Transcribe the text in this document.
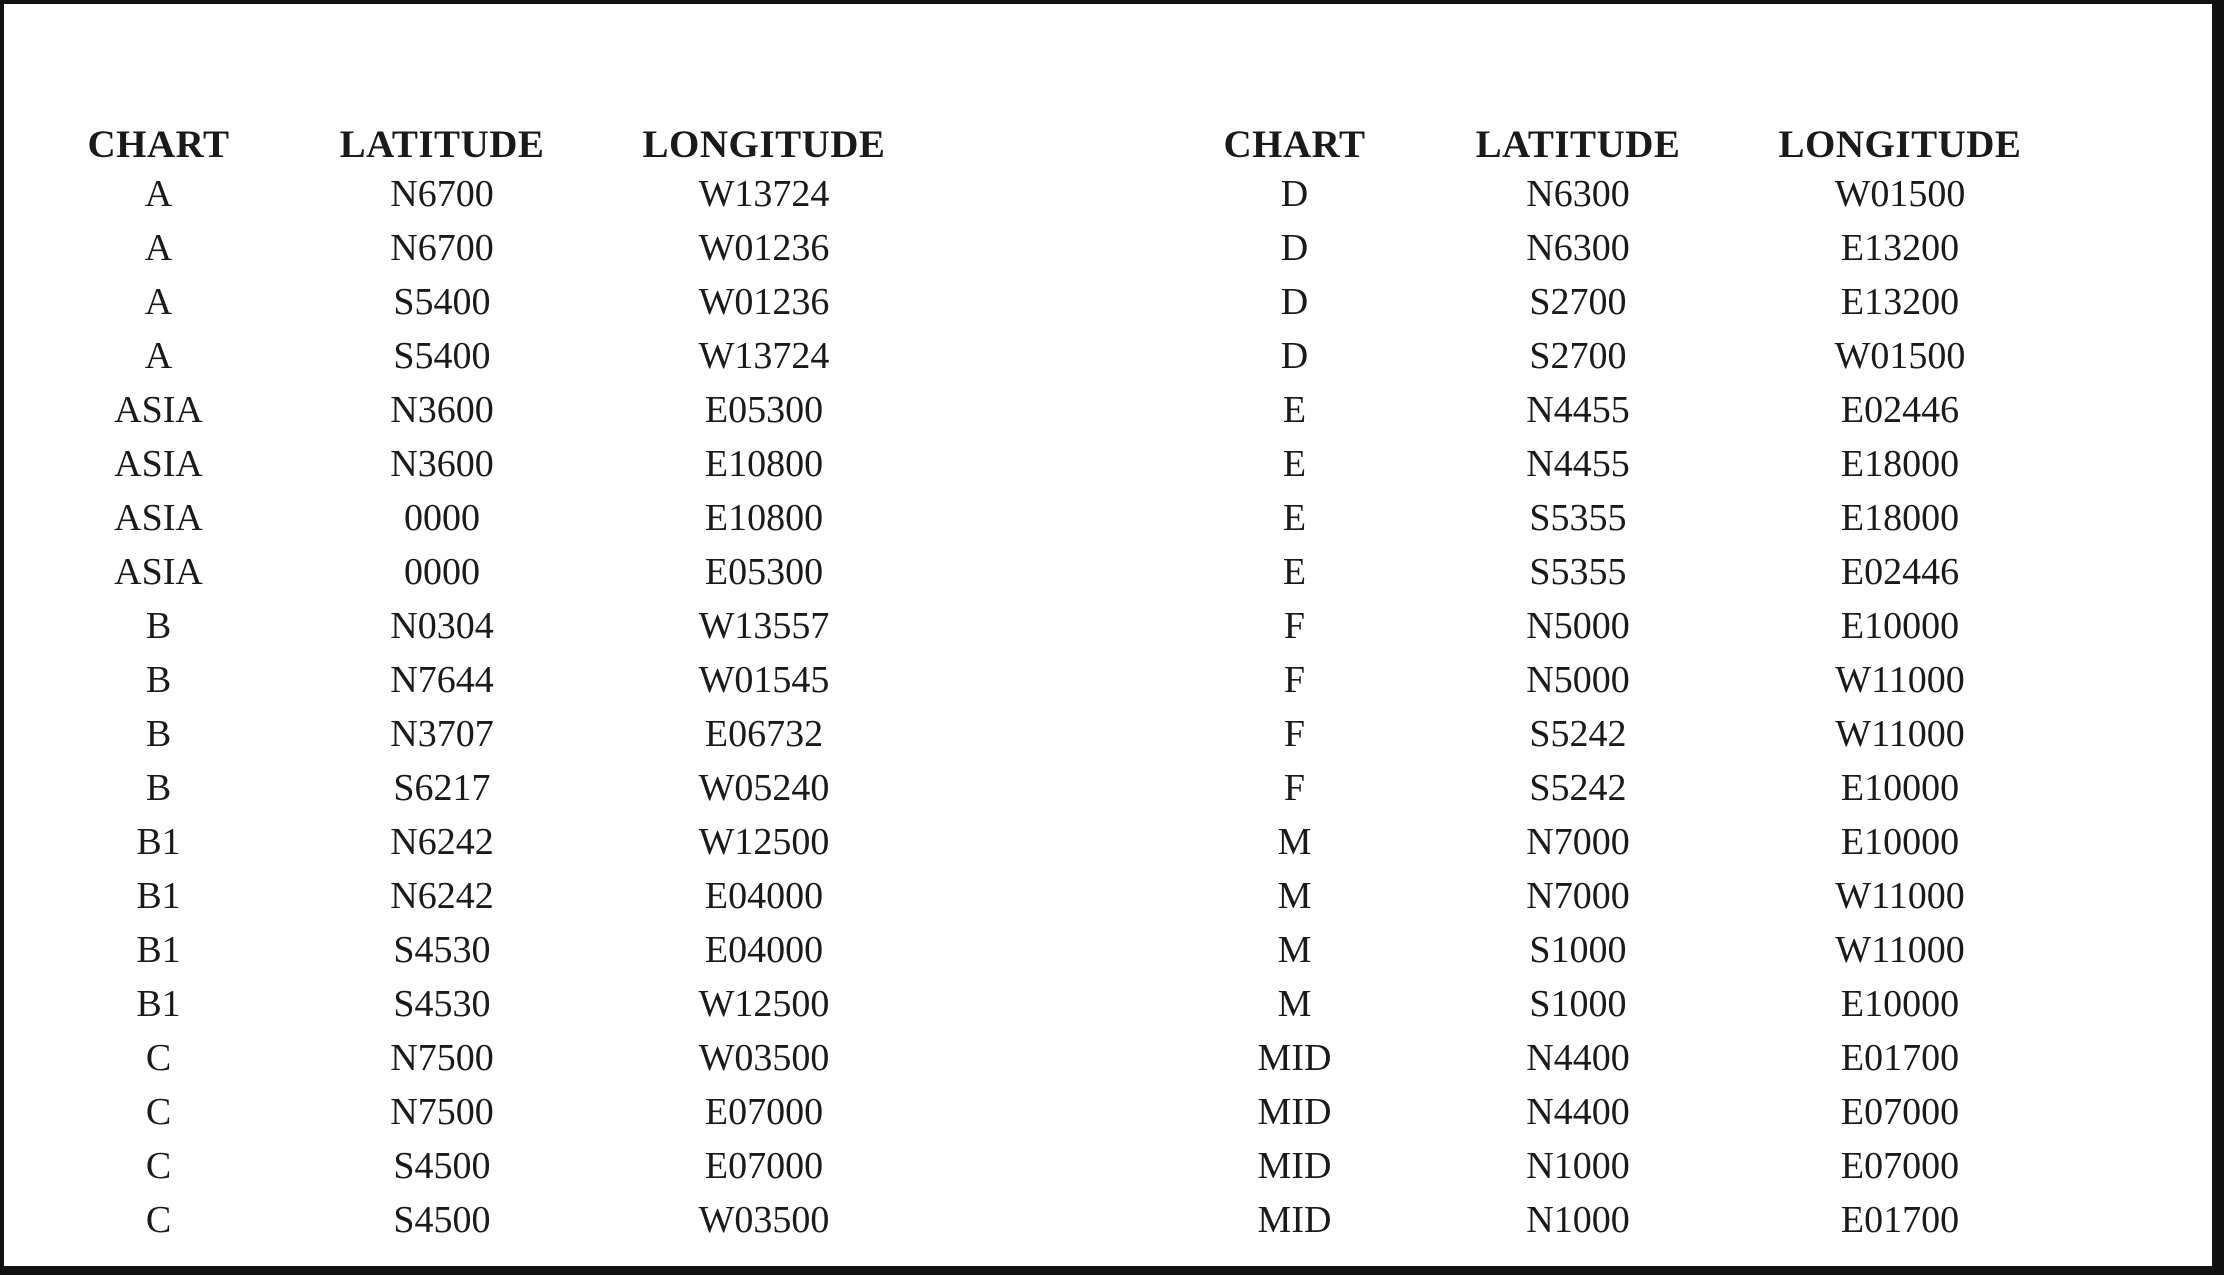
CHART	LATITUDE	LONGITUDE
A	N6700	W13724
A	N6700	W01236
A	S5400	W01236
A	S5400	W13724
ASIA	N3600	E05300
ASIA	N3600	E10800
ASIA	0000	E10800
ASIA	0000	E05300
B	N0304	W13557
B	N7644	W01545
B	N3707	E06732
B	S6217	W05240
B1	N6242	W12500
B1	N6242	E04000
B1	S4530	E04000
B1	S4530	W12500
C	N7500	W03500
C	N7500	E07000
C	S4500	E07000
C	S4500	W03500
CHART	LATITUDE	LONGITUDE
D	N6300	W01500
D	N6300	E13200
D	S2700	E13200
D	S2700	W01500
E	N4455	E02446
E	N4455	E18000
E	S5355	E18000
E	S5355	E02446
F	N5000	E10000
F	N5000	W11000
F	S5242	W11000
F	S5242	E10000
M	N7000	E10000
M	N7000	W11000
M	S1000	W11000
M	S1000	E10000
MID	N4400	E01700
MID	N4400	E07000
MID	N1000	E07000
MID	N1000	E01700
